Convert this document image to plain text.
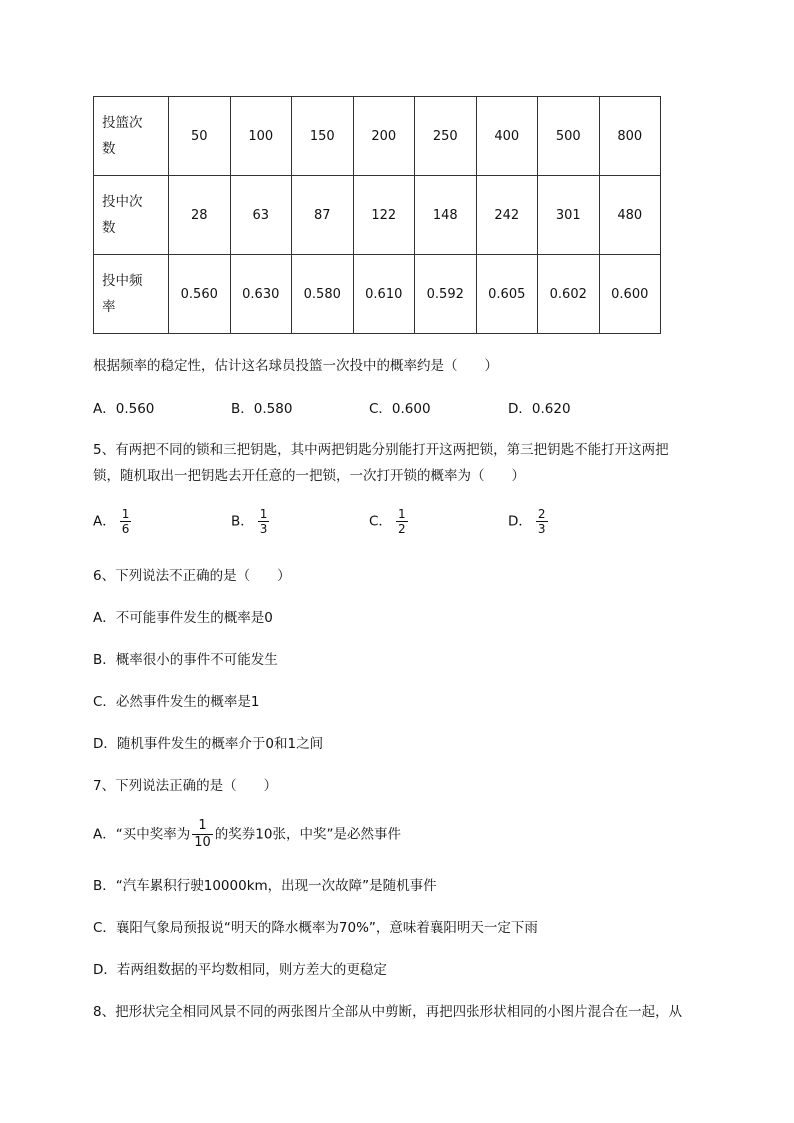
投篮次
数	50	100	150	200	250	400	500	800

投中次
数	28	63	87	122	148	242	301	480

投中频
率	0.560	0.630	0.580	0.610	0.592	0.605	0.602	0.600
根据频率的稳定性，估计这名球员投篮一次投中的概率约是（　　）
A．0.560	B．0.580	C．0.600	D．0.620
5、有两把不同的锁和三把钥匙，其中两把钥匙分别能打开这两把锁，第三把钥匙不能打开这两把
锁，随机取出一把钥匙去开任意的一把锁，一次打开锁的概率为（　　）
A． $\frac{1}{6}$	B． $\frac{1}{3}$	C． $\frac{1}{2}$	D． $\frac{2}{3}$
6、下列说法不正确的是（　　）
A．不可能事件发生的概率是0
B．概率很小的事件不可能发生
C．必然事件发生的概率是1
D．随机事件发生的概率介于0和1之间
7、下列说法正确的是（　　）
A．“买中奖率为 $\frac{1}{10}$ 的奖券10张，中奖”是必然事件
B．“汽车累积行驶10000km，出现一次故障”是随机事件
C．襄阳气象局预报说“明天的降水概率为70%”，意味着襄阳明天一定下雨
D．若两组数据的平均数相同，则方差大的更稳定
8、把形状完全相同风景不同的两张图片全部从中剪断，再把四张形状相同的小图片混合在一起，从
